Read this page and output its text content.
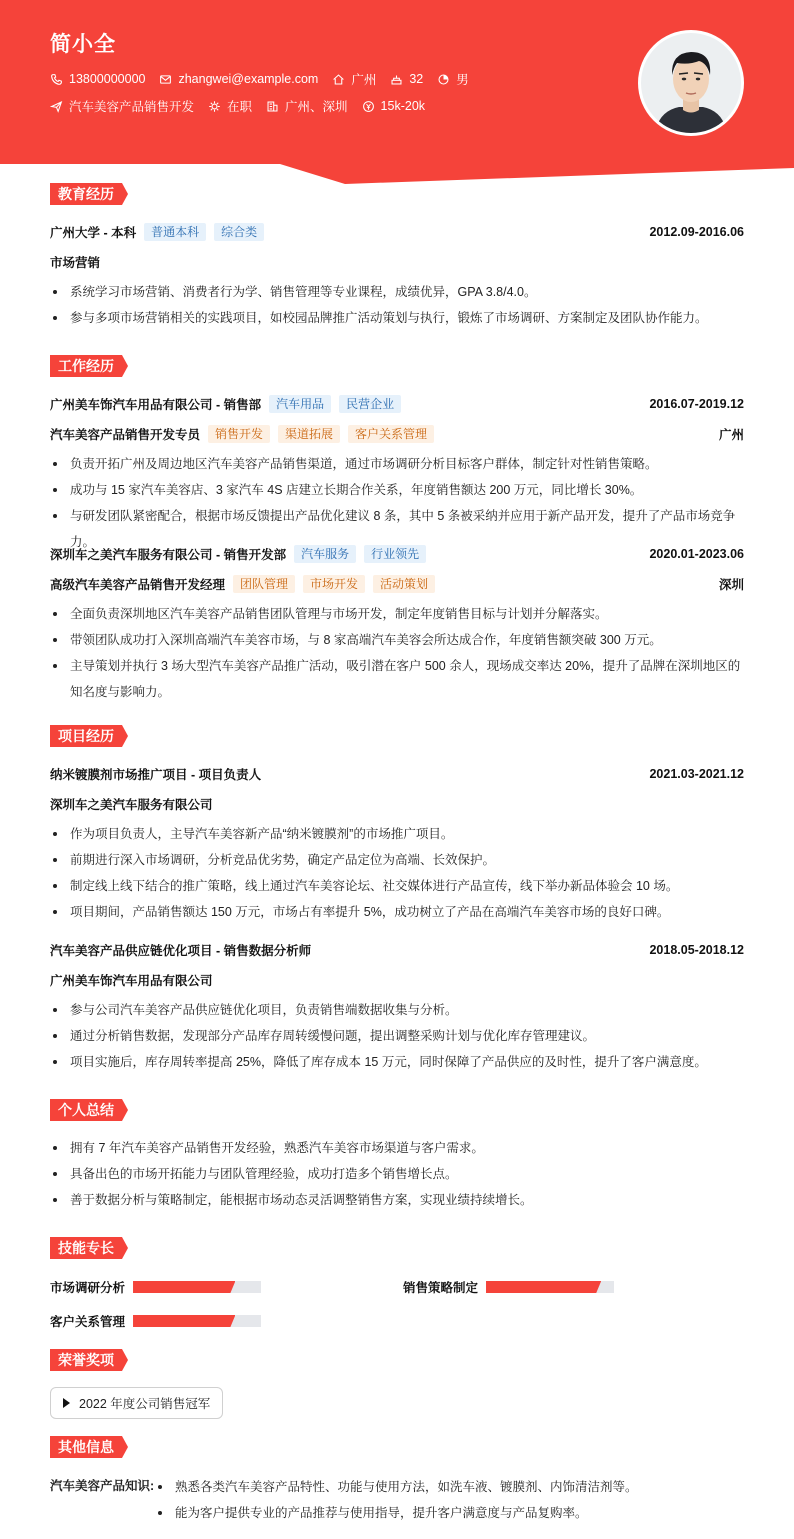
简小全
13800000000	zhangwei@example.com	广州	32	男
汽车美容产品销售开发	在职	广州、深圳	15k-20k
教育经历
广州大学 - 本科	普通本科	综合类	2012.09-2016.06
市场营销
系统学习市场营销、消费者行为学、销售管理等专业课程，成绩优异，GPA 3.8/4.0。
参与多项市场营销相关的实践项目，如校园品牌推广活动策划与执行，锻炼了市场调研、方案制定及团队协作能力。
工作经历
广州美车饰汽车用品有限公司 - 销售部	汽车用品	民营企业	2016.07-2019.12
汽车美容产品销售开发专员	销售开发	渠道拓展	客户关系管理	广州
负责开拓广州及周边地区汽车美容产品销售渠道，通过市场调研分析目标客户群体，制定针对性销售策略。
成功与 15 家汽车美容店、3 家汽车 4S 店建立长期合作关系，年度销售额达 200 万元，同比增长 30%。
与研发团队紧密配合，根据市场反馈提出产品优化建议 8 条，其中 5 条被采纳并应用于新产品开发，提升了产品市场竞争力。
深圳车之美汽车服务有限公司 - 销售开发部	汽车服务	行业领先	2020.01-2023.06
高级汽车美容产品销售开发经理	团队管理	市场开发	活动策划	深圳
全面负责深圳地区汽车美容产品销售团队管理与市场开发，制定年度销售目标与计划并分解落实。
带领团队成功打入深圳高端汽车美容市场，与 8 家高端汽车美容会所达成合作，年度销售额突破 300 万元。
主导策划并执行 3 场大型汽车美容产品推广活动，吸引潜在客户 500 余人，现场成交率达 20%，提升了品牌在深圳地区的知名度与影响力。
项目经历
纳米镀膜剂市场推广项目 - 项目负责人	2021.03-2021.12
深圳车之美汽车服务有限公司
作为项目负责人，主导汽车美容新产品“纳米镀膜剂”的市场推广项目。
前期进行深入市场调研，分析竞品优劣势，确定产品定位为高端、长效保护。
制定线上线下结合的推广策略，线上通过汽车美容论坛、社交媒体进行产品宣传，线下举办新品体验会 10 场。
项目期间，产品销售额达 150 万元，市场占有率提升 5%，成功树立了产品在高端汽车美容市场的良好口碑。
汽车美容产品供应链优化项目 - 销售数据分析师	2018.05-2018.12
广州美车饰汽车用品有限公司
参与公司汽车美容产品供应链优化项目，负责销售端数据收集与分析。
通过分析销售数据，发现部分产品库存周转缓慢问题，提出调整采购计划与优化库存管理建议。
项目实施后，库存周转率提高 25%，降低了库存成本 15 万元，同时保障了产品供应的及时性，提升了客户满意度。
个人总结
拥有 7 年汽车美容产品销售开发经验，熟悉汽车美容市场渠道与客户需求。
具备出色的市场开拓能力与团队管理经验，成功打造多个销售增长点。
善于数据分析与策略制定，能根据市场动态灵活调整销售方案，实现业绩持续增长。
技能专长
市场调研分析	销售策略制定
客户关系管理
荣誉奖项
2022 年度公司销售冠军
其他信息
汽车美容产品知识:	熟悉各类汽车美容产品特性、功能与使用方法，如洗车液、镀膜剂、内饰清洁剂等。
能为客户提供专业的产品推荐与使用指导，提升客户满意度与产品复购率。
